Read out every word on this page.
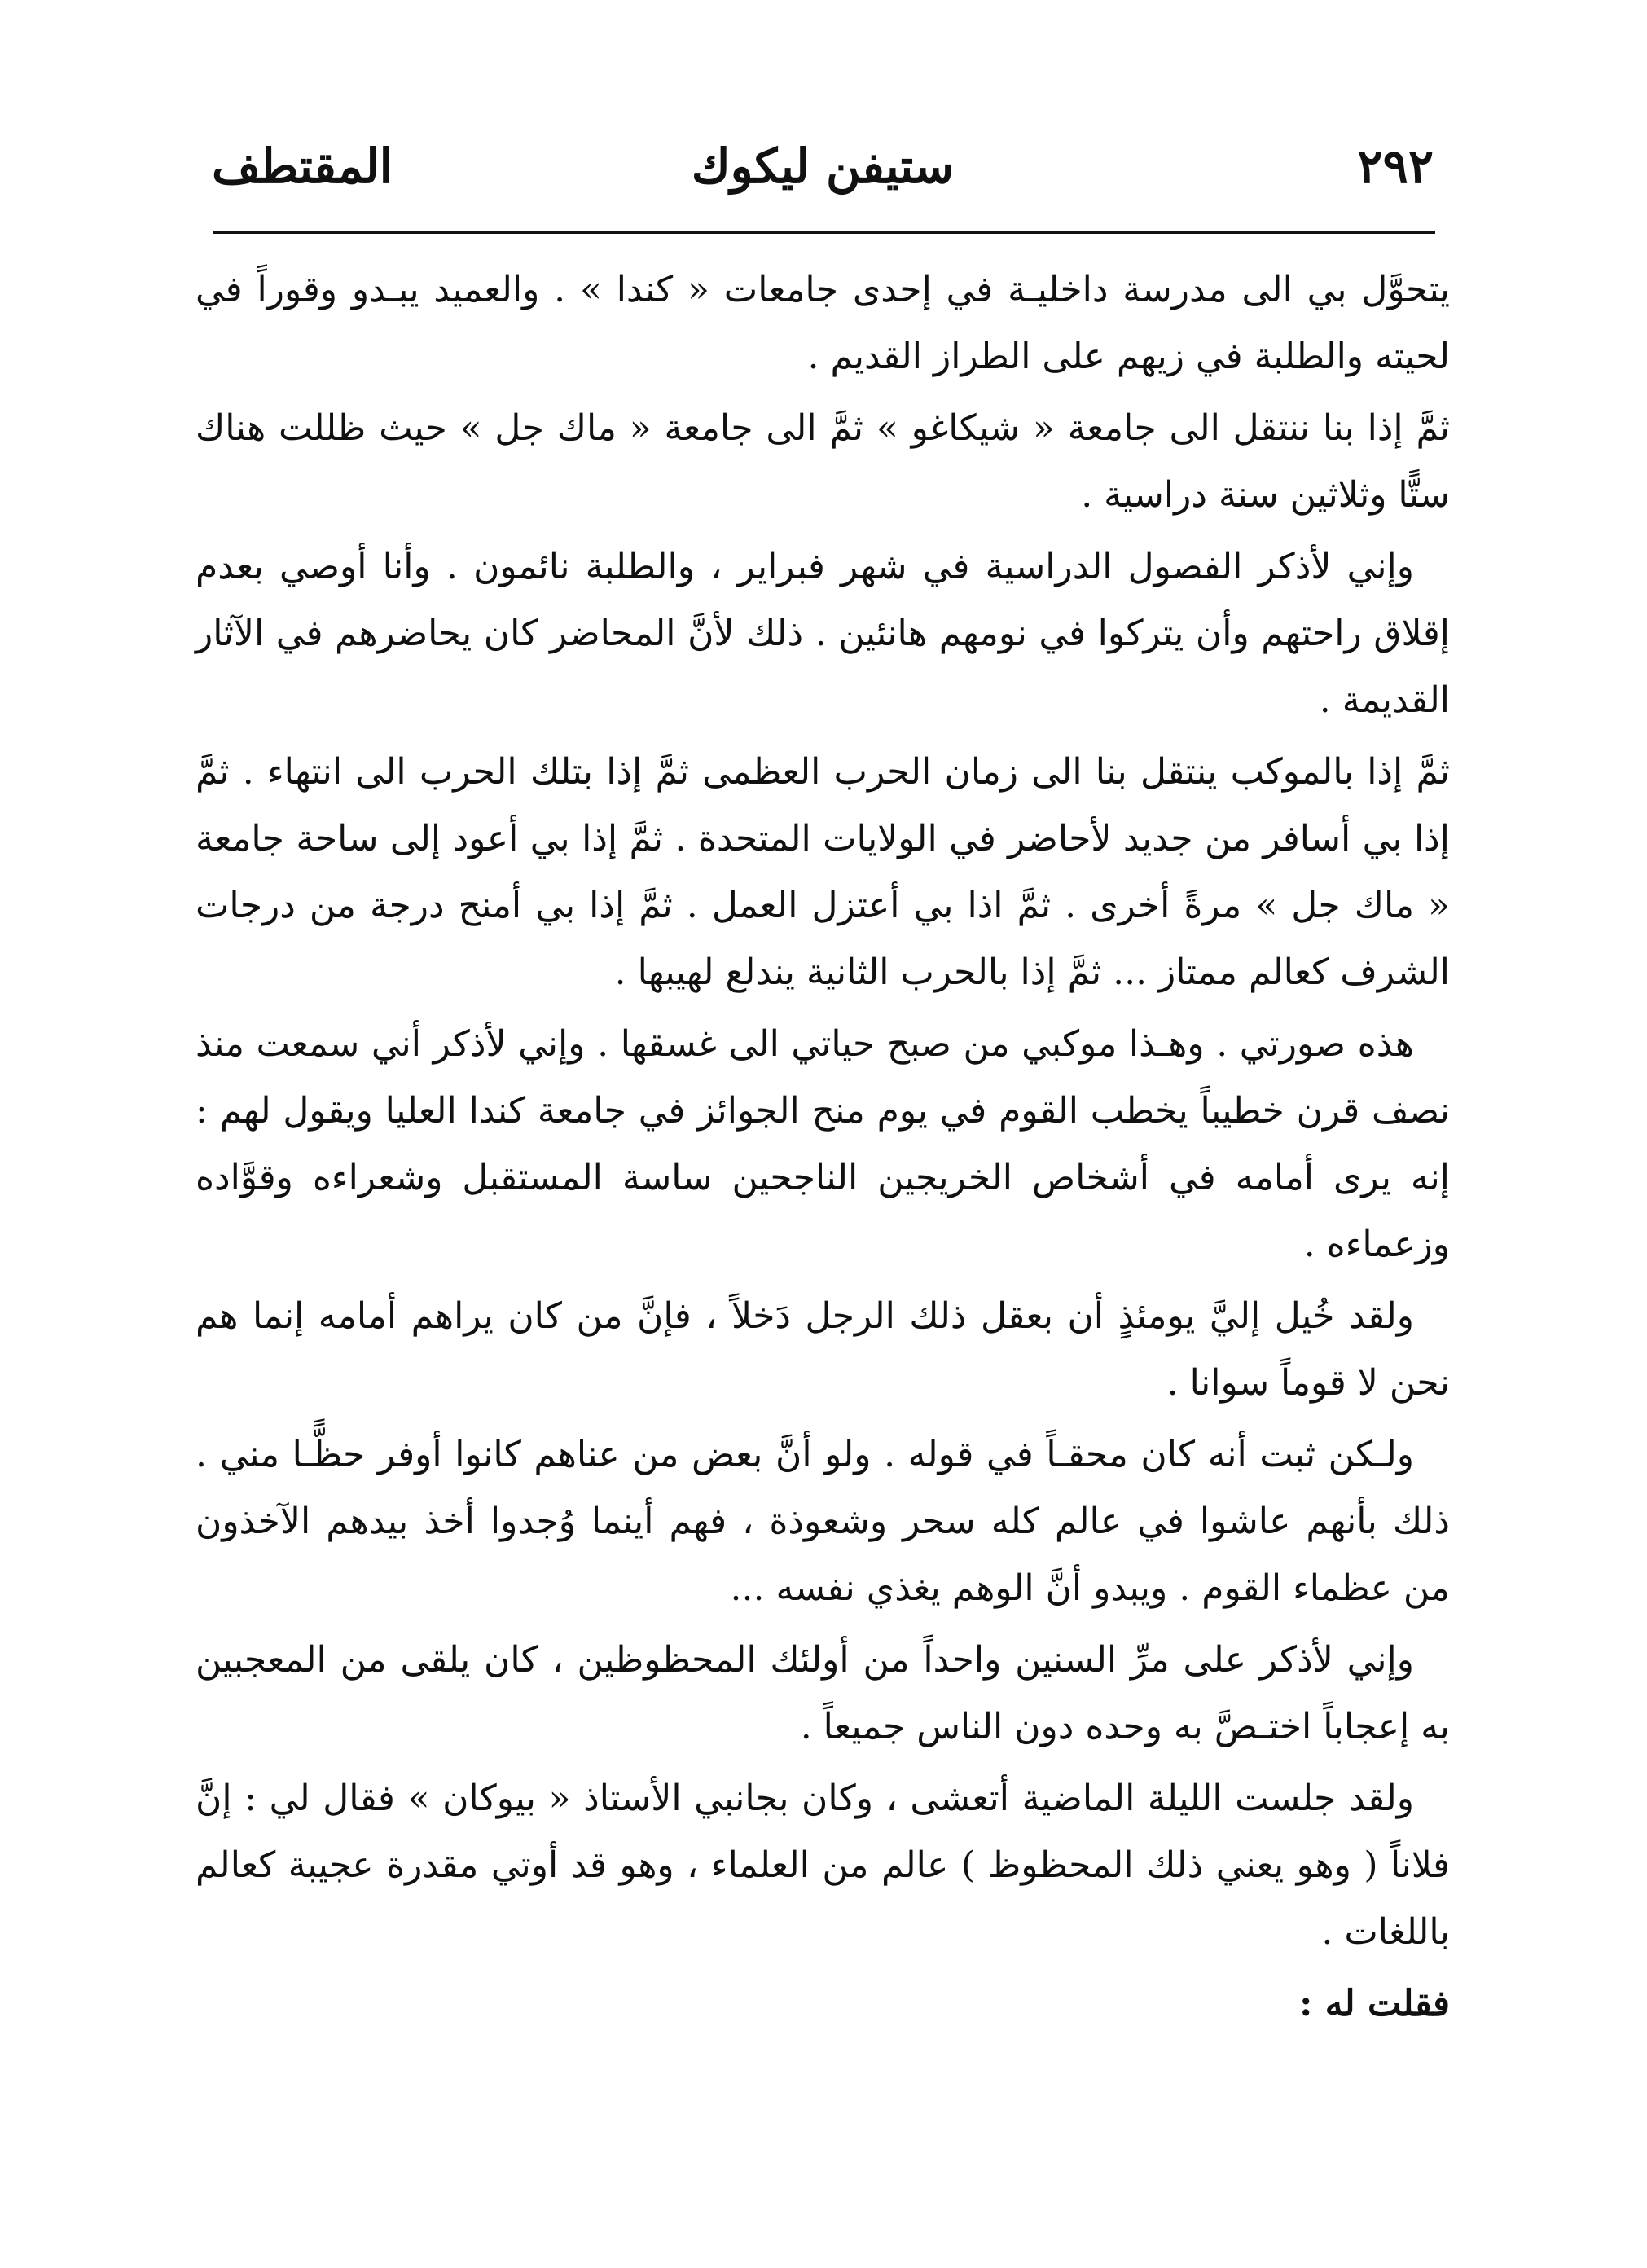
٢٩٢
ستيفن ليكوك
المقتطف

يتحوَّل بي الى مدرسة داخليـة في إحدى جامعات « كندا » . والعميد يبـدو وقوراً في لحيته والطلبة في زيهم على الطراز القديم .

ثمَّ إذا بنا ننتقل الى جامعة « شيكاغو » ثمَّ الى جامعة « ماك جل » حيث ظللت هناك ستًّا وثلاثين سنة دراسية .

وإني لأذكر الفصول الدراسية في شهر فبراير ، والطلبة نائمون . وأنا أوصي بعدم إقلاق راحتهم وأن يتركوا في نومهم هانئين . ذلك لأنَّ المحاضر كان يحاضرهم في الآثار القديمة .

ثمَّ إذا بالموكب ينتقل بنا الى زمان الحرب العظمى ثمَّ إذا بتلك الحرب الى انتهاء . ثمَّ إذا بي أسافر من جديد لأحاضر في الولايات المتحدة . ثمَّ إذا بي أعود إلى ساحة جامعة « ماك جل » مرةً أخرى . ثمَّ اذا بي أعتزل العمل . ثمَّ إذا بي أمنح درجة من درجات الشرف كعالم ممتاز ... ثمَّ إذا بالحرب الثانية يندلع لهيبها .

هذه صورتي . وهـذا موكبي من صبح حياتي الى غسقها . وإني لأذكر أني سمعت منذ نصف قرن خطيباً يخطب القوم في يوم منح الجوائز في جامعة كندا العليا ويقول لهم : إنه يرى أمامه في أشخاص الخريجين الناجحين ساسة المستقبل وشعراءه وقوَّاده وزعماءه .

ولقد خُيل إليَّ يومئذٍ أن بعقل ذلك الرجل دَخلاً ، فإنَّ من كان يراهم أمامه إنما هم نحن لا قوماً سوانا .

ولـكن ثبت أنه كان محقـاً في قوله . ولو أنَّ بعض من عناهم كانوا أوفر حظًّـا مني . ذلك بأنهم عاشوا في عالم كله سحر وشعوذة ، فهم أينما وُجدوا أخذ بيدهم الآخذون من عظماء القوم . ويبدو أنَّ الوهم يغذي نفسه ...

وإني لأذكر على مرِّ السنين واحداً من أولئك المحظوظين ، كان يلقى من المعجبين به إعجاباً اختـصَّ به وحده دون الناس جميعاً .

ولقد جلست الليلة الماضية أتعشى ، وكان بجانبي الأستاذ « بيوكان » فقال لي : إنَّ فلاناً ( وهو يعني ذلك المحظوظ ) عالم من العلماء ، وهو قد أوتي مقدرة عجيبة كعالم باللغات .

فقلت له :
